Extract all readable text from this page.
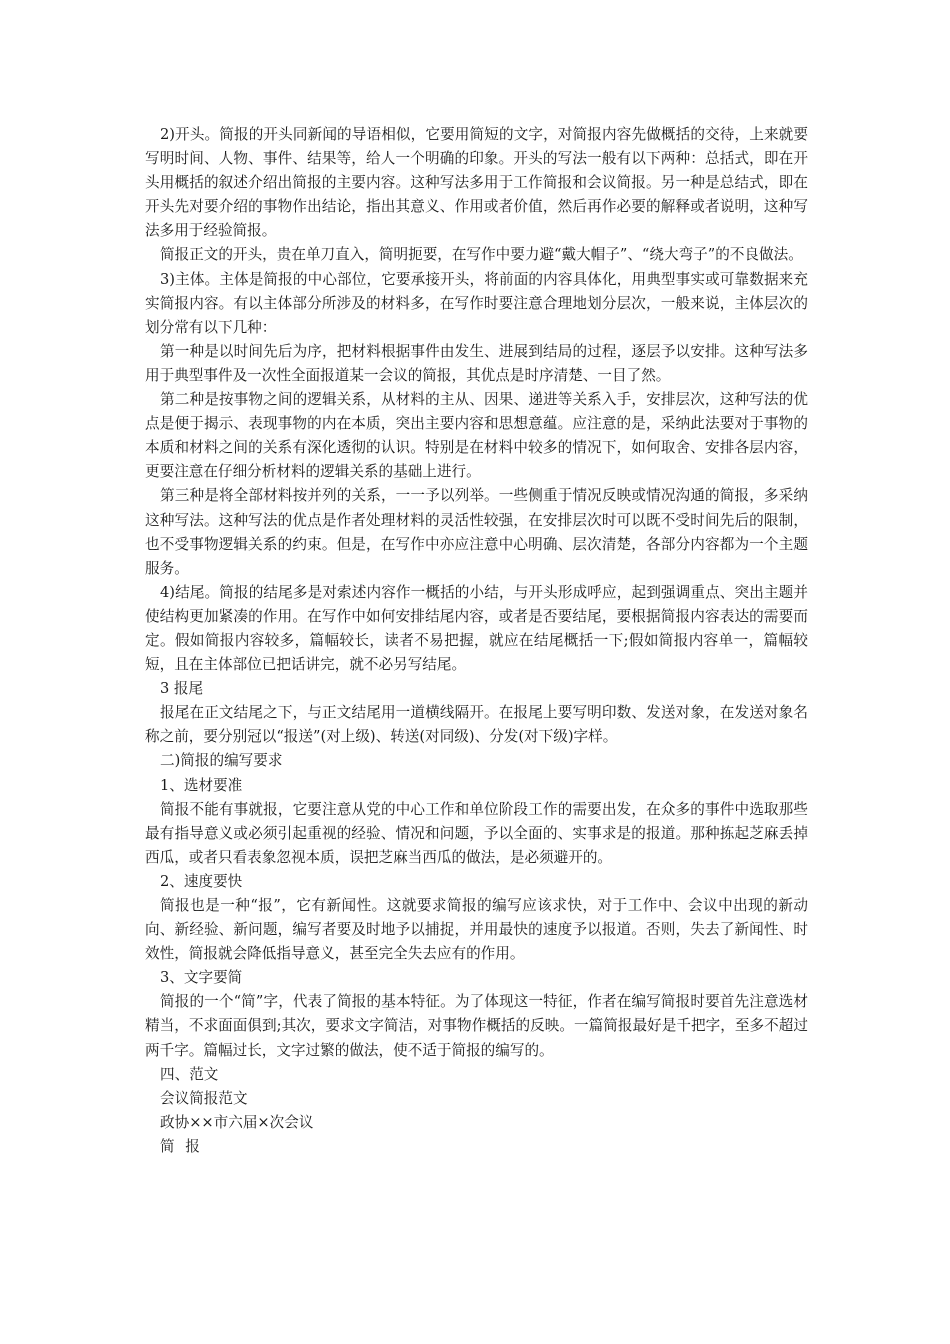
2)开头。简报的开头同新闻的导语相似，它要用简短的文字，对简报内容先做概括的交待，上来就要写明时间、人物、事件、结果等，给人一个明确的印象。开头的写法一般有以下两种：总括式，即在开头用概括的叙述介绍出简报的主要内容。这种写法多用于工作简报和会议简报。另一种是总结式，即在开头先对要介绍的事物作出结论，指出其意义、作用或者价值，然后再作必要的解释或者说明，这种写法多用于经验简报。

简报正文的开头，贵在单刀直入，简明扼要，在写作中要力避“戴大帽子”、“绕大弯子”的不良做法。

3)主体。主体是简报的中心部位，它要承接开头，将前面的内容具体化，用典型事实或可靠数据来充实简报内容。有以主体部分所涉及的材料多，在写作时要注意合理地划分层次，一般来说，主体层次的划分常有以下几种：

第一种是以时间先后为序，把材料根据事件由发生、进展到结局的过程，逐层予以安排。这种写法多用于典型事件及一次性全面报道某一会议的简报，其优点是时序清楚、一目了然。

第二种是按事物之间的逻辑关系，从材料的主从、因果、递进等关系入手，安排层次，这种写法的优点是便于揭示、表现事物的内在本质，突出主要内容和思想意蕴。应注意的是，采纳此法要对于事物的本质和材料之间的关系有深化透彻的认识。特别是在材料中较多的情况下，如何取舍、安排各层内容，更要注意在仔细分析材料的逻辑关系的基础上进行。

第三种是将全部材料按并列的关系，一一予以列举。一些侧重于情况反映或情况沟通的简报，多采纳这种写法。这种写法的优点是作者处理材料的灵活性较强，在安排层次时可以既不受时间先后的限制，也不受事物逻辑关系的约束。但是，在写作中亦应注意中心明确、层次清楚，各部分内容都为一个主题服务。

4)结尾。简报的结尾多是对索述内容作一概括的小结，与开头形成呼应，起到强调重点、突出主题并使结构更加紧凑的作用。在写作中如何安排结尾内容，或者是否要结尾，要根据简报内容表达的需要而定。假如简报内容较多，篇幅较长，读者不易把握，就应在结尾概括一下;假如简报内容单一，篇幅较短，且在主体部位已把话讲完，就不必另写结尾。

3 报尾

报尾在正文结尾之下，与正文结尾用一道横线隔开。在报尾上要写明印数、发送对象，在发送对象名称之前，要分别冠以“报送”(对上级)、转送(对同级)、分发(对下级)字样。

二)简报的编写要求

1、选材要准

简报不能有事就报，它要注意从党的中心工作和单位阶段工作的需要出发，在众多的事件中选取那些最有指导意义或必须引起重视的经验、情况和问题，予以全面的、实事求是的报道。那种拣起芝麻丢掉西瓜，或者只看表象忽视本质，误把芝麻当西瓜的做法，是必须避开的。

2、速度要快

简报也是一种“报”，它有新闻性。这就要求简报的编写应该求快，对于工作中、会议中出现的新动向、新经验、新问题，编写者要及时地予以捕捉，并用最快的速度予以报道。否则，失去了新闻性、时效性，简报就会降低指导意义，甚至完全失去应有的作用。

3、文字要简

简报的一个“简”字，代表了简报的基本特征。为了体现这一特征，作者在编写简报时要首先注意选材精当，不求面面俱到;其次，要求文字简洁，对事物作概括的反映。一篇简报最好是千把字，至多不超过两千字。篇幅过长，文字过繁的做法，使不适于简报的编写的。

四、范文

会议简报范文

政协××市六届×次会议

简 报
